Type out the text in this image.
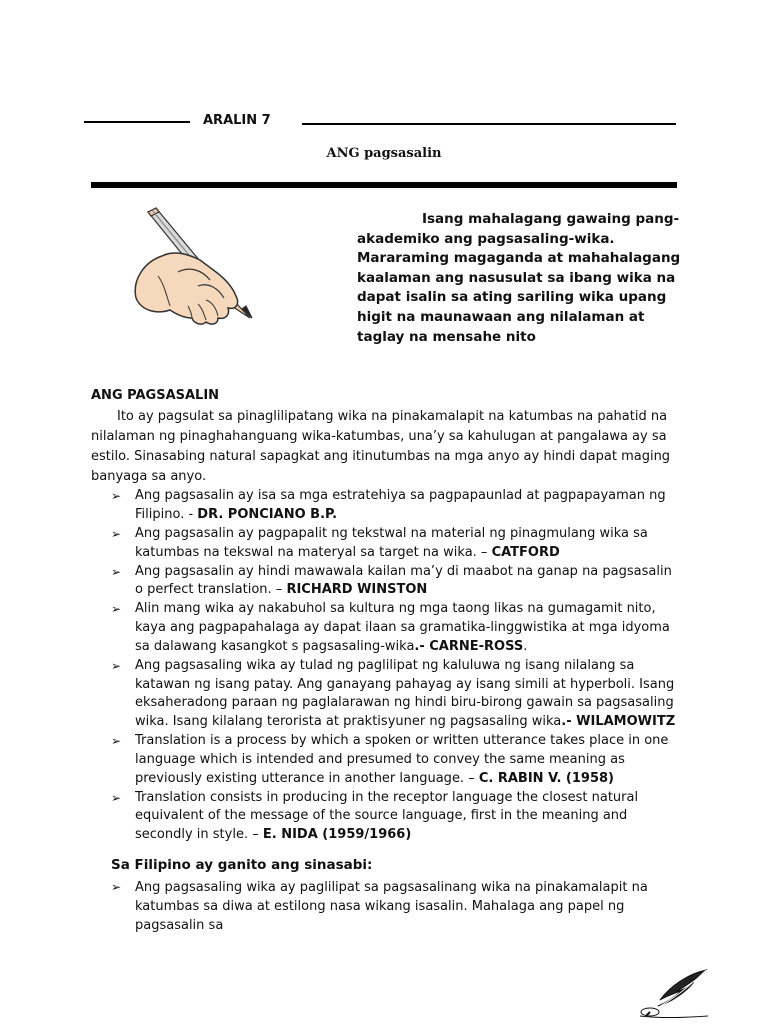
ARALIN 7
ANG pagsasalin
Isang mahalagang gawaing pang-akademiko ang pagsasaling-wika. Mararaming magaganda at mahahalagang kaalaman ang nasusulat sa ibang wika na dapat isalin sa ating sariling wika upang higit na maunawaan ang nilalaman at taglay na mensahe nito
ANG PAGSASALIN
Ito ay pagsulat sa pinaglilipatang wika na pinakamalapit na katumbas na pahatid na nilalaman ng pinaghahanguang wika-katumbas, una’y sa kahulugan at pangalawa ay sa estilo. Sinasabing natural sapagkat ang itinutumbas na mga anyo ay hindi dapat maging banyaga sa anyo.
➢	Ang pagsasalin ay isa sa mga estratehiya sa pagpapaunlad at pagpapayaman ng Filipino. - DR. PONCIANO B.P.
➢	Ang pagsasalin ay pagpapalit ng tekstwal na material ng pinagmulang wika sa katumbas na tekswal na materyal sa target na wika. – CATFORD
➢	Ang pagsasalin ay hindi mawawala kailan ma’y di maabot na ganap na pagsasalin o perfect translation. – RICHARD WINSTON
➢	Alin mang wika ay nakabuhol sa kultura ng mga taong likas na gumagamit nito, kaya ang pagpapahalaga ay dapat ilaan sa gramatika-linggwistika at mga idyoma sa dalawang kasangkot s pagsasaling-wika.- CARNE-ROSS.
➢	Ang pagsasaling wika ay tulad ng paglilipat ng kaluluwa ng isang nilalang sa katawan ng isang patay. Ang ganayang pahayag ay isang simili at hyperboli. Isang eksaheradong paraan ng paglalarawan ng hindi biru-birong gawain sa pagsasaling wika. Isang kilalang terorista at praktisyuner ng pagsasaling wika.- WILAMOWITZ
➢	Translation is a process by which a spoken or written utterance takes place in one language which is intended and presumed to convey the same meaning as previously existing utterance in another language. – C. RABIN V. (1958)
➢	Translation consists in producing in the receptor language the closest natural equivalent of the message of the source language, first in the meaning and secondly in style. – E. NIDA (1959/1966)
Sa Filipino ay ganito ang sinasabi:
➢	Ang pagsasaling wika ay paglilipat sa pagsasalinang wika na pinakamalapit na katumbas sa diwa at estilong nasa wikang isasalin. Mahalaga ang papel ng pagsasalin sa
